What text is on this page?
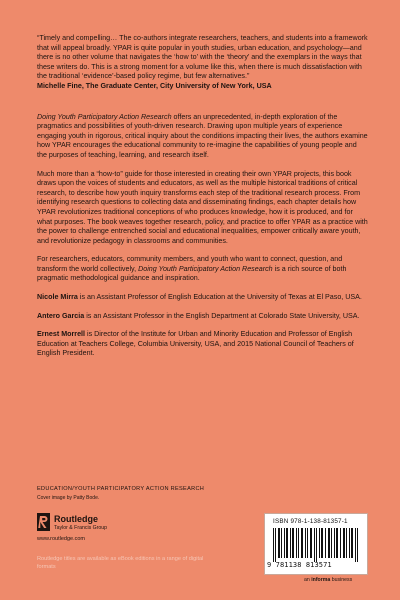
“Timely and compelling… The co-authors integrate researchers, teachers, and students into a framework that will appeal broadly. YPAR is quite popular in youth studies, urban education, and psychology—and there is no other volume that navigates the ‘how to’ with the ‘theory’ and the exemplars in the ways that these writers do. This is a strong moment for a volume like this, when there is much dissatisfaction with the traditional ‘evidence’-based policy regime, but few alternatives.”

Michelle Fine, The Graduate Center, City University of New York, USA

Doing Youth Participatory Action Research offers an unprecedented, in-depth exploration of the pragmatics and possibilities of youth-driven research. Drawing upon multiple years of experience engaging youth in rigorous, critical inquiry about the conditions impacting their lives, the authors examine how YPAR encourages the educational community to re-imagine the capabilities of young people and the purposes of teaching, learning, and research itself.

Much more than a “how-to” guide for those interested in creating their own YPAR projects, this book draws upon the voices of students and educators, as well as the multiple historical traditions of critical research, to describe how youth inquiry transforms each step of the traditional research process. From identifying research questions to collecting data and disseminating findings, each chapter details how YPAR revolutionizes traditional conceptions of who produces knowledge, how it is produced, and for what purposes. The book weaves together research, policy, and practice to offer YPAR as a practice with the power to challenge entrenched social and educational inequalities, empower critically aware youth, and revolutionize pedagogy in classrooms and communities.

For researchers, educators, community members, and youth who want to connect, question, and transform the world collectively, Doing Youth Participatory Action Research is a rich source of both pragmatic methodological guidance and inspiration.

Nicole Mirra is an Assistant Professor of English Education at the University of Texas at El Paso, USA.

Antero Garcia is an Assistant Professor in the English Department at Colorado State University, USA.

Ernest Morrell is Director of the Institute for Urban and Minority Education and Professor of English Education at Teachers College, Columbia University, USA, and 2015 National Council of Teachers of English President.

EDUCATION/YOUTH PARTICIPATORY ACTION RESEARCH
Cover image by Patty Bode.
Routledge
Taylor & Francis Group
www.routledge.com
Routledge titles are available as eBook editions in a range of digital formats
ISBN 978-1-138-81357-1
9 781138 813571
an informa business
